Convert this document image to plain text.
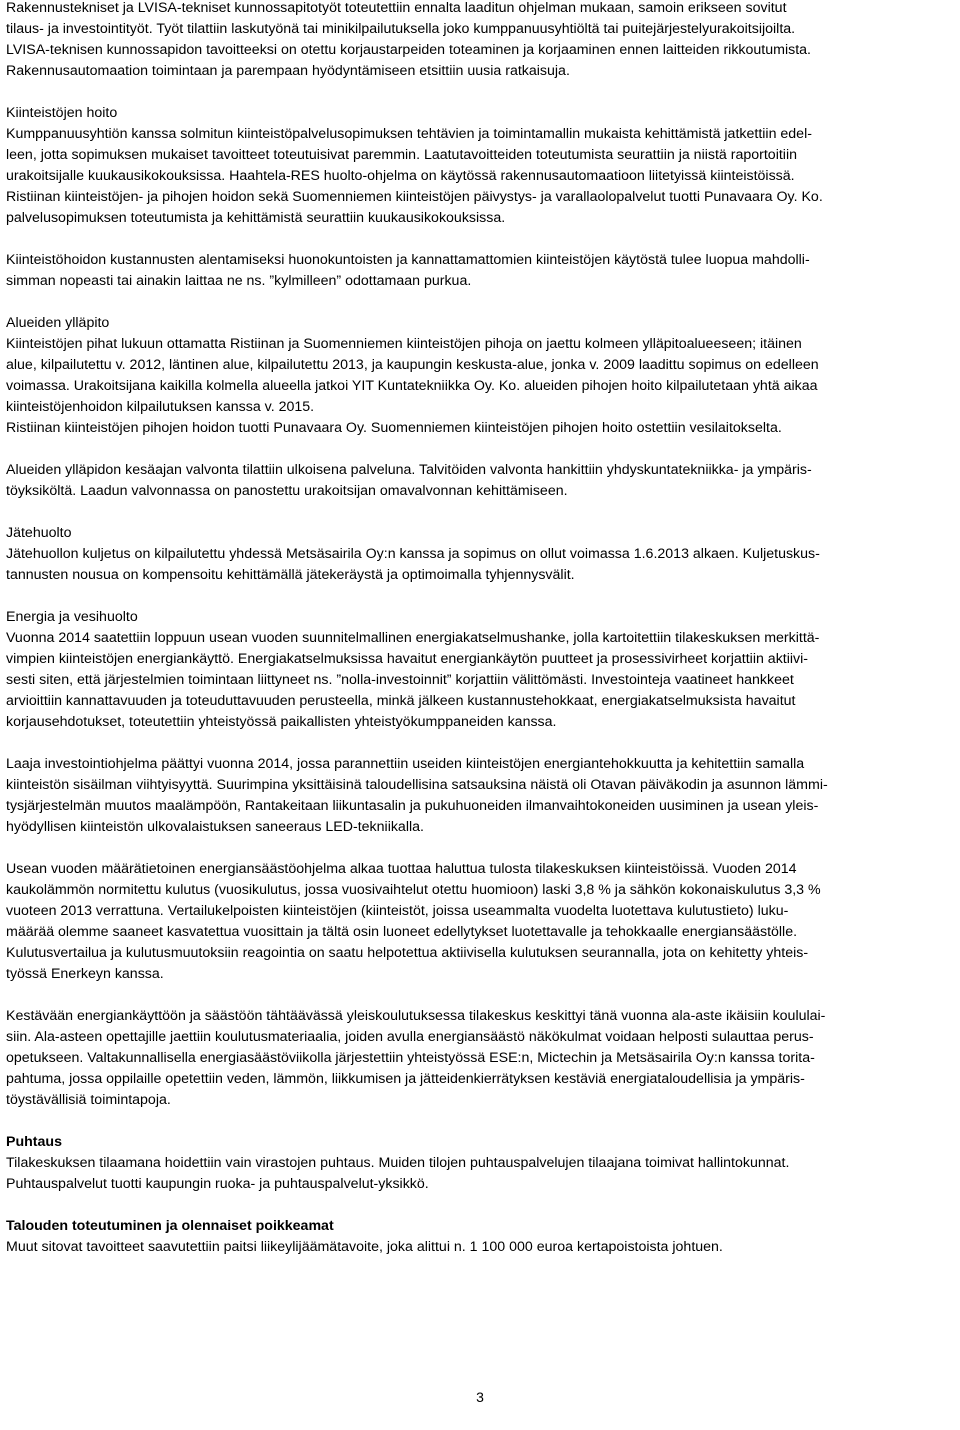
Rakennustekniset ja LVISA-tekniset kunnossapitotyöt toteutettiin ennalta laaditun ohjelman mukaan, samoin erikseen sovitut
tilaus- ja investointityöt. Työt tilattiin laskutyönä tai minikilpailutuksella joko kumppanuusyhtiöltä tai puitejärjestelyurakoitsijoilta.
LVISA-teknisen kunnossapidon tavoitteeksi on otettu korjaustarpeiden toteaminen ja korjaaminen ennen laitteiden rikkoutumista.
Rakennusautomaation toimintaan ja parempaan hyödyntämiseen etsittiin uusia ratkaisuja.
Kiinteistöjen hoito
Kumppanuusyhtiön kanssa solmitun kiinteistöpalvelusopimuksen tehtävien ja toimintamallin mukaista kehittämistä jatkettiin edel-
leen, jotta sopimuksen mukaiset tavoitteet toteutuisivat paremmin. Laatutavoitteiden toteutumista seurattiin ja niistä raportoitiin
urakoitsijalle kuukausikokouksissa. Haahtela-RES huolto-ohjelma on käytössä rakennusautomaatioon liitetyissä kiinteistöissä.
Ristiinan kiinteistöjen- ja pihojen hoidon sekä Suomenniemen kiinteistöjen päivystys- ja varallaolopalvelut tuotti Punavaara Oy. Ko.
palvelusopimuksen toteutumista ja kehittämistä seurattiin kuukausikokouksissa.
Kiinteistöhoidon kustannusten alentamiseksi huonokuntoisten ja kannattamattomien kiinteistöjen käytöstä tulee luopua mahdolli-
simman nopeasti tai ainakin laittaa ne ns. ”kylmilleen” odottamaan purkua.
Alueiden ylläpito
Kiinteistöjen pihat lukuun ottamatta Ristiinan ja Suomenniemen kiinteistöjen pihoja on jaettu kolmeen ylläpitoalueeseen; itäinen
alue, kilpailutettu v. 2012, läntinen alue, kilpailutettu 2013, ja kaupungin keskusta-alue, jonka v. 2009 laadittu sopimus on edelleen
voimassa. Urakoitsijana kaikilla kolmella alueella jatkoi YIT Kuntatekniikka Oy. Ko. alueiden pihojen hoito kilpailutetaan yhtä aikaa
kiinteistöjenhoidon kilpailutuksen kanssa v. 2015.
Ristiinan kiinteistöjen pihojen hoidon tuotti Punavaara Oy. Suomenniemen kiinteistöjen pihojen hoito ostettiin vesilaitokselta.
Alueiden ylläpidon kesäajan valvonta tilattiin ulkoisena palveluna. Talvitöiden valvonta hankittiin yhdyskuntatekniikka- ja ympäris-
töyksiköltä. Laadun valvonnassa on panostettu urakoitsijan omavalvonnan kehittämiseen.
Jätehuolto
Jätehuollon kuljetus on kilpailutettu yhdessä Metsäsairila Oy:n kanssa ja sopimus on ollut voimassa 1.6.2013 alkaen. Kuljetuskus-
tannusten nousua on kompensoitu kehittämällä jätekeräystä ja optimoimalla tyhjennysvälit.
Energia ja vesihuolto
Vuonna 2014 saatettiin loppuun usean vuoden suunnitelmallinen energiakatselmushanke, jolla kartoitettiin tilakeskuksen merkittä-
vimpien kiinteistöjen energiankäyttö. Energiakatselmuksissa havaitut energiankäytön puutteet ja prosessivirheet korjattiin aktiivi-
sesti siten, että järjestelmien toimintaan liittyneet ns. ”nolla-investoinnit” korjattiin välittömästi. Investointeja vaatineet hankkeet
arvioittiin kannattavuuden ja toteuduttavuuden perusteella, minkä jälkeen kustannustehokkaat, energiakatselmuksista havaitut
korjausehdotukset, toteutettiin yhteistyössä paikallisten yhteistyökumppaneiden kanssa.
Laaja investointiohjelma päättyi vuonna 2014, jossa parannettiin useiden kiinteistöjen energiantehokkuutta ja kehitettiin samalla
kiinteistön sisäilman viihtyisyyttä. Suurimpina yksittäisinä taloudellisina satsauksina näistä oli Otavan päiväkodin ja asunnon lämmi-
tysjärjestelmän muutos maalämpöön, Rantakeitaan liikuntasalin ja pukuhuoneiden ilmanvaihtokoneiden uusiminen ja usean yleis-
hyödyllisen kiinteistön ulkovalaistuksen saneeraus LED-tekniikalla.
Usean vuoden määrätietoinen energiansäästöohjelma alkaa tuottaa haluttua tulosta tilakeskuksen kiinteistöissä. Vuoden 2014
kaukolämmön normitettu kulutus (vuosikulutus, jossa vuosivaihtelut otettu huomioon) laski 3,8 % ja sähkön kokonaiskulutus 3,3 %
vuoteen 2013 verrattuna. Vertailukelpoisten kiinteistöjen (kiinteistöt, joissa useammalta vuodelta luotettava kulutustieto) luku-
määrää olemme saaneet kasvatettua vuosittain ja tältä osin luoneet edellytykset luotettavalle ja tehokkaalle energiansäästölle.
Kulutusvertailua ja kulutusmuutoksiin reagointia on saatu helpotettua aktiivisella kulutuksen seurannalla, jota on kehitetty yhteis-
työssä Enerkeyn kanssa.
Kestävään energiankäyttöön ja säästöön tähtäävässä yleiskoulutuksessa tilakeskus keskittyi tänä vuonna ala-aste ikäisiin koululai-
siin. Ala-asteen opettajille jaettiin koulutusmateriaalia, joiden avulla energiansäästö näkökulmat voidaan helposti sulauttaa perus-
opetukseen. Valtakunnallisella energiasäästöviikolla järjestettiin yhteistyössä ESE:n, Mictechin ja Metsäsairila Oy:n kanssa torita-
pahtuma, jossa oppilaille opetettiin veden, lämmön, liikkumisen ja jätteidenkierrätyksen kestäviä energiataloudellisia ja ympäris-
töystävällisiä toimintapoja.
Puhtaus
Tilakeskuksen tilaamana hoidettiin vain virastojen puhtaus. Muiden tilojen puhtauspalvelujen tilaajana toimivat hallintokunnat.
Puhtauspalvelut tuotti kaupungin ruoka- ja puhtauspalvelut-yksikkö.
Talouden toteutuminen ja olennaiset poikkeamat
Muut sitovat tavoitteet saavutettiin paitsi liikeylijäämätavoite, joka alittui n. 1 100 000 euroa kertapoistoista johtuen.
3
